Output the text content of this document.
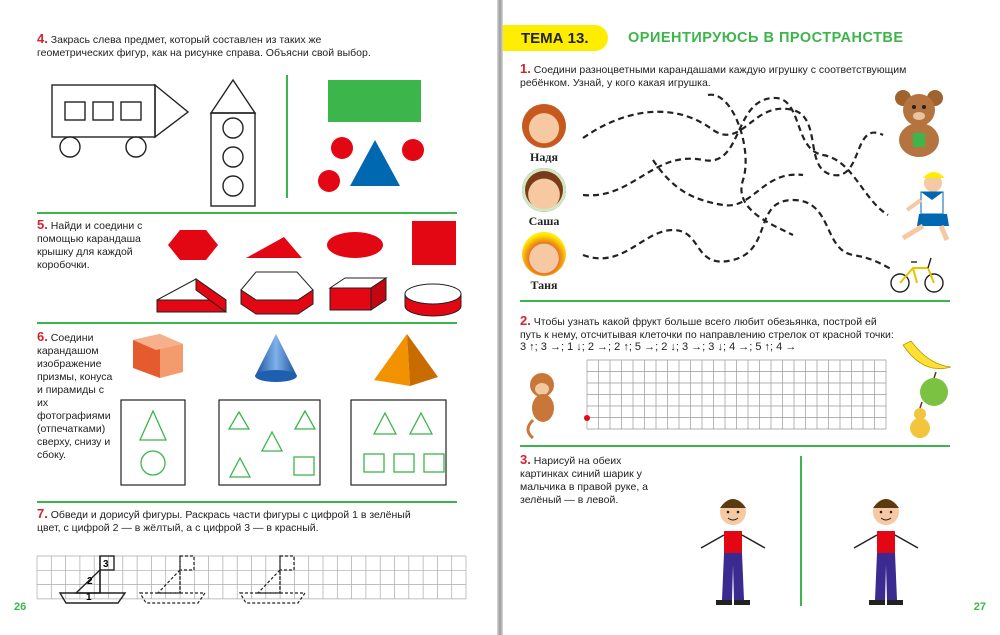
4. Закрась слева предмет, который составлен из таких же геометрических фигур, как на рисунке справа. Объясни свой выбор.
3
2
1
5. Найди и соедини с помощью карандаша крышку для каждой коробочки.
6. Соедини карандашом изображение призмы, конуса и пирамиды с их фотографиями (отпечатками) сверху, снизу и сбоку.
7. Обведи и дорисуй фигуры. Раскрась части фигуры с цифрой 1 в зелёный цвет, с цифрой 2 — в жёлтый, а с цифрой 3 — в красный.
26
ТЕМА 13.	ОРИЕНТИРУЮСЬ В ПРОСТРАНСТВЕ
1. Соедини разноцветными карандашами каждую игрушку с соответствующим ребёнком. Узнай, у кого какая игрушка.
Надя
Саша
Таня
2. Чтобы узнать какой фрукт больше всего любит обезьянка, построй ей путь к нему, отсчитывая клеточки по направлению стрелок от красной точки:
3 ↑; 3 →; 1 ↓; 2 →; 2 ↑; 5 →; 2 ↓; 3 →; 3 ↓; 4 →; 5 ↑; 4 →
3. Нарисуй на обеих картинках синий шарик у мальчика в правой руке, а зелёный — в левой.
27
